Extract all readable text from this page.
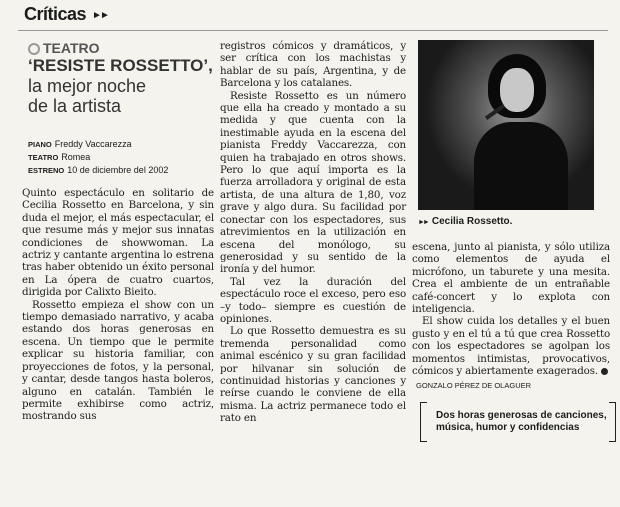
Críticas ►►
TEATRO
‘RESISTE ROSSETTO’,
la mejor noche
de la artista
PIANO Freddy Vaccarezza
TEATRO Romea
ESTRENO 10 de diciembre del 2002

Quinto espectáculo en solitario de Cecilia Rossetto en Barcelona, y sin duda el mejor, el más espectacular, el que resume más y mejor sus innatas condiciones de showwoman. La actriz y cantante argentina lo estrena tras haber obtenido un éxito personal en La ópera de cuatro cuartos, dirigida por Calixto Bieito.

Rossetto empieza el show con un tiempo demasiado narrativo, y acaba estando dos horas generosas en escena. Un tiempo que le permite explicar su historia familiar, con proyecciones de fotos, y la personal, y cantar, desde tangos hasta boleros, alguno en catalán. También le permite exhibirse como actriz, mostrando sus

registros cómicos y dramáticos, y ser crítica con los machistas y hablar de su país, Argentina, y de Barcelona y los catalanes.

Resiste Rossetto es un número que ella ha creado y montado a su medida y que cuenta con la inestimable ayuda en la escena del pianista Freddy Vaccarezza, con quien ha trabajado en otros shows. Pero lo que aquí importa es la fuerza arrolladora y original de esta artista, de una altura de 1,80, voz grave y algo dura. Su facilidad por conectar con los espectadores, sus atrevimientos en la utilización en escena del monólogo, su generosidad y su sentido de la ironía y del humor.

Tal vez la duración del espectáculo roce el exceso, pero eso –y todo– siempre es cuestión de opiniones.

Lo que Rossetto demuestra es su tremenda personalidad como animal escénico y su gran facilidad por hilvanar sin solución de continuidad historias y canciones y reírse cuando le conviene de ella misma. La actriz permanece todo el rato en

►► Cecilia Rossetto.

escena, junto al pianista, y sólo utiliza como elementos de ayuda el micrófono, un taburete y una mesita. Crea el ambiente de un entrañable café-concert y lo explota con inteligencia.

El show cuida los detalles y el buen gusto y en el tú a tú que crea Rossetto con los espectadores se agolpan los momentos intimistas, provocativos, cómicos y abiertamente exagerados.

GONZALO PÉREZ DE OLAGUER
Dos horas generosas de canciones, música, humor y confidencias
